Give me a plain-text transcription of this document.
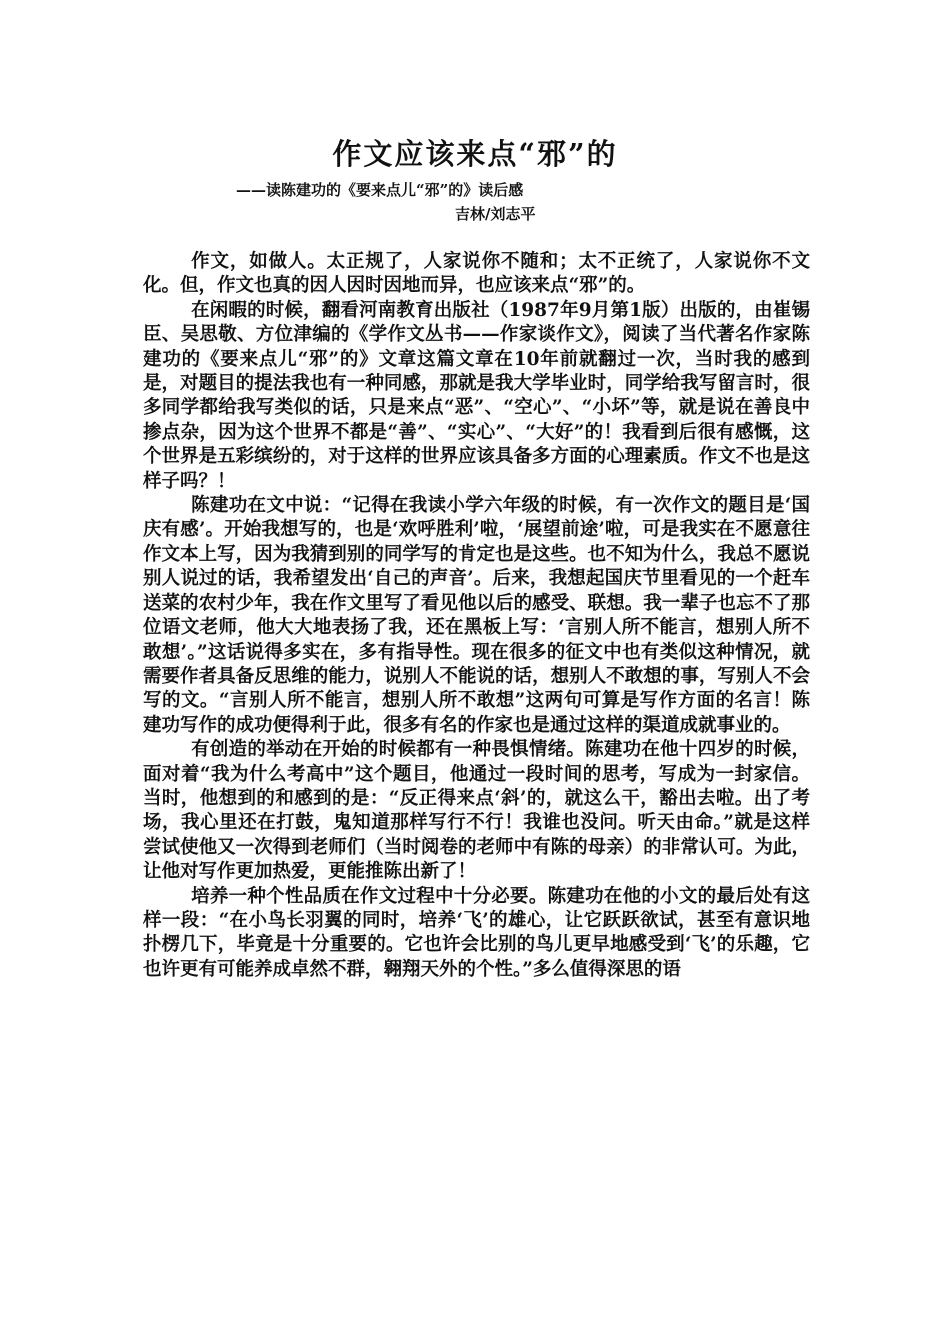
作文应该来点“邪”的
——读陈建功的《要来点儿“邪”的》读后感
吉林/刘志平

作文，如做人。太正规了，人家说你不随和；太不正统了，人家说你不文化。但，作文也真的因人因时因地而异，也应该来点“邪”的。

在闲暇的时候，翻看河南教育出版社（1987年9月第1版）出版的，由崔锡臣、吴思敬、方位津编的《学作文丛书——作家谈作文》，阅读了当代著名作家陈建功的《要来点儿“邪”的》文章这篇文章在10年前就翻过一次，当时我的感到是，对题目的提法我也有一种同感，那就是我大学毕业时，同学给我写留言时，很多同学都给我写类似的话，只是来点“恶”、“空心”、“小坏”等，就是说在善良中掺点杂，因为这个世界不都是“善”、“实心”、“大好”的！我看到后很有感慨，这个世界是五彩缤纷的，对于这样的世界应该具备多方面的心理素质。作文不也是这样子吗？！

陈建功在文中说：“记得在我读小学六年级的时候，有一次作文的题目是‘国庆有感’。开始我想写的，也是‘欢呼胜利’啦，‘展望前途’啦，可是我实在不愿意往作文本上写，因为我猜到别的同学写的肯定也是这些。也不知为什么，我总不愿说别人说过的话，我希望发出‘自己的声音’。后来，我想起国庆节里看见的一个赶车送菜的农村少年，我在作文里写了看见他以后的感受、联想。我一辈子也忘不了那位语文老师，他大大地表扬了我，还在黑板上写：‘言别人所不能言，想别人所不敢想’。”这话说得多实在，多有指导性。现在很多的征文中也有类似这种情况，就需要作者具备反思维的能力，说别人不能说的话，想别人不敢想的事，写别人不会写的文。“言别人所不能言，想别人所不敢想”这两句可算是写作方面的名言！陈建功写作的成功便得利于此，很多有名的作家也是通过这样的渠道成就事业的。

有创造的举动在开始的时候都有一种畏惧情绪。陈建功在他十四岁的时候，面对着“我为什么考高中”这个题目，他通过一段时间的思考，写成为一封家信。当时，他想到的和感到的是：“反正得来点‘斜’的，就这么干，豁出去啦。出了考场，我心里还在打鼓，鬼知道那样写行不行！我谁也没问。听天由命。”就是这样尝试使他又一次得到老师们（当时阅卷的老师中有陈的母亲）的非常认可。为此，让他对写作更加热爱，更能推陈出新了！

培养一种个性品质在作文过程中十分必要。陈建功在他的小文的最后处有这样一段：“在小鸟长羽翼的同时，培养‘飞’的雄心，让它跃跃欲试，甚至有意识地扑楞几下，毕竟是十分重要的。它也许会比别的鸟儿更早地感受到‘飞’的乐趣，它也许更有可能养成卓然不群，翱翔天外的个性。”多么值得深思的语
